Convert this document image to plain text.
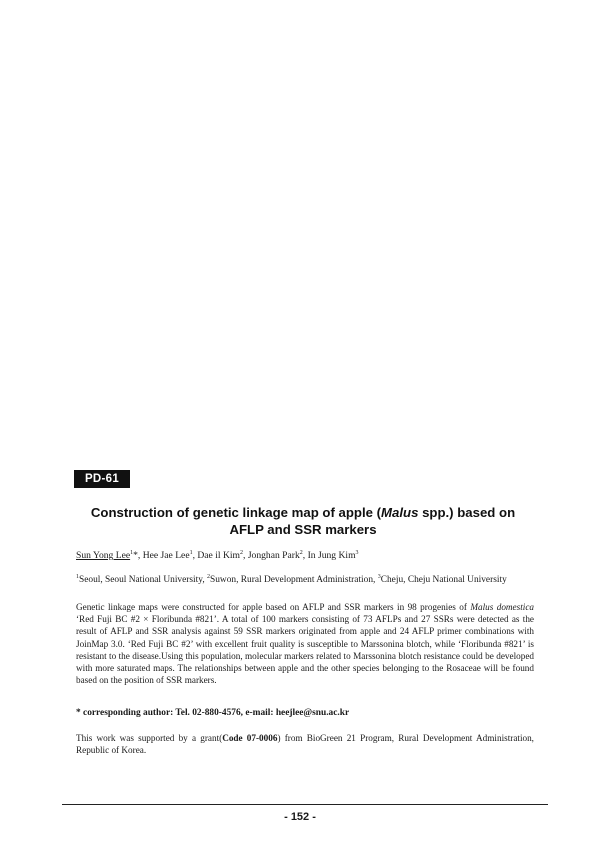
PD-61
Construction of genetic linkage map of apple (Malus spp.) based on AFLP and SSR markers
Sun Yong Lee$^1$*, Hee Jae Lee$^1$, Dae il Kim$^2$, Jonghan Park$^2$, In Jung Kim$^3$
$^1$Seoul, Seoul National University, $^2$Suwon, Rural Development Administration, $^3$Cheju, Cheju National University
Genetic linkage maps were constructed for apple based on AFLP and SSR markers in 98 progenies of Malus domestica ‘Red Fuji BC #2 × Floribunda #821’. A total of 100 markers consisting of 73 AFLPs and 27 SSRs were detected as the result of AFLP and SSR analysis against 59 SSR markers originated from apple and 24 AFLP primer combinations with JoinMap 3.0. ‘Red Fuji BC #2’ with excellent fruit quality is susceptible to Marssonina blotch, while ‘Floribunda #821’ is resistant to the disease.Using this population, molecular markers related to Marssonina blotch resistance could be developed with more saturated maps. The relationships between apple and the other species belonging to the Rosaceae will be found based on the position of SSR markers.
* corresponding author: Tel. 02-880-4576, e-mail: heejlee@snu.ac.kr
This work was supported by a grant(Code 07-0006) from BioGreen 21 Program, Rural Development Administration, Republic of Korea.
- 152 -
